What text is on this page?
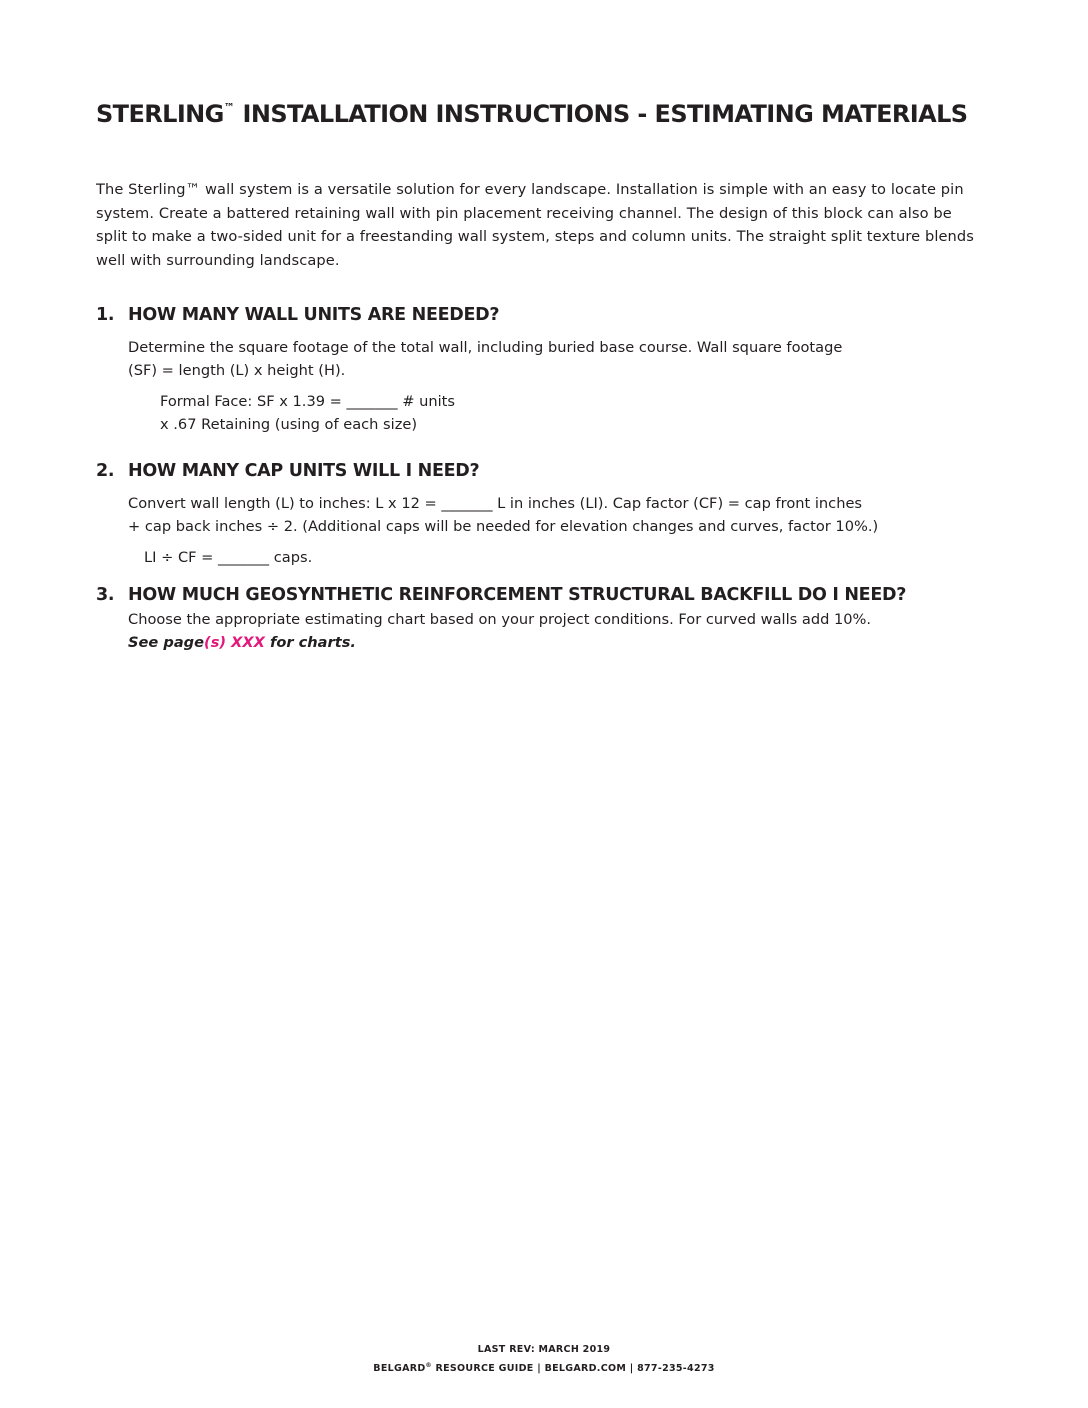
STERLING™ INSTALLATION INSTRUCTIONS - ESTIMATING MATERIALS
The Sterling™ wall system is a versatile solution for every landscape. Installation is simple with an easy to locate pin
system. Create a battered retaining wall with pin placement receiving channel. The design of this block can also be
split to make a two-sided unit for a freestanding wall system, steps and column units. The straight split texture blends
well with surrounding landscape.
1. HOW MANY WALL UNITS ARE NEEDED?

Determine the square footage of the total wall, including buried base course. Wall square footage

(SF) = length (L) x height (H).

Formal Face: SF x 1.39 = _______ # units

x .67 Retaining (using of each size)

2. HOW MANY CAP UNITS WILL I NEED?

Convert wall length (L) to inches: L x 12 = _______ L in inches (LI). Cap factor (CF) = cap front inches

+ cap back inches ÷ 2. (Additional caps will be needed for elevation changes and curves, factor 10%.)

LI ÷ CF = _______ caps.

3. HOW MUCH GEOSYNTHETIC REINFORCEMENT STRUCTURAL BACKFILL DO I NEED?

Choose the appropriate estimating chart based on your project conditions. For curved walls add 10%.

See page(s) XXX for charts.

LAST REV: MARCH 2019
BELGARD® RESOURCE GUIDE | BELGARD.COM | 877-235-4273
